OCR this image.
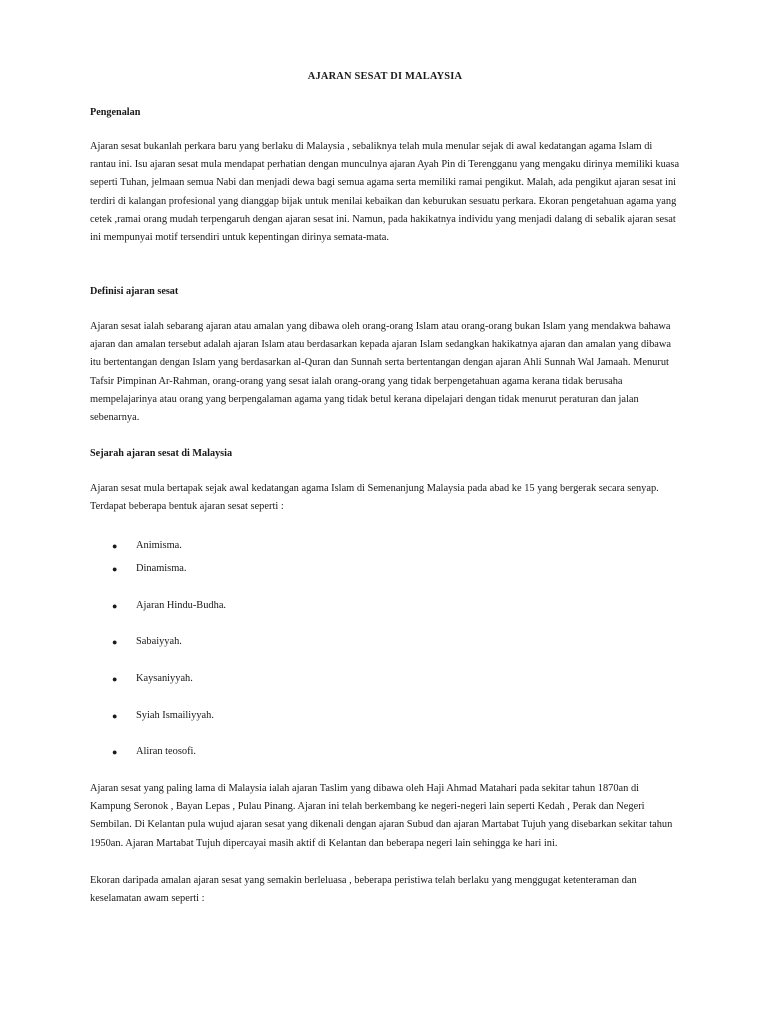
AJARAN SESAT DI MALAYSIA
Pengenalan

Ajaran sesat bukanlah perkara baru yang berlaku di Malaysia , sebaliknya telah mula menular sejak di awal kedatangan agama Islam di rantau ini. Isu ajaran sesat mula mendapat perhatian dengan munculnya ajaran Ayah Pin di Terengganu yang mengaku dirinya memiliki kuasa seperti Tuhan, jelmaan semua Nabi dan menjadi dewa bagi semua agama serta memiliki ramai pengikut. Malah, ada pengikut ajaran sesat ini terdiri di kalangan profesional yang dianggap bijak untuk menilai kebaikan dan keburukan sesuatu perkara. Ekoran pengetahuan agama yang cetek ,ramai orang mudah terpengaruh dengan ajaran sesat ini. Namun, pada hakikatnya individu yang menjadi dalang di sebalik ajaran sesat ini mempunyai motif tersendiri untuk kepentingan dirinya semata-mata.

Definisi ajaran sesat

Ajaran sesat ialah sebarang ajaran atau amalan yang dibawa oleh orang-orang Islam atau orang-orang bukan Islam yang mendakwa bahawa ajaran dan amalan tersebut adalah ajaran Islam atau berdasarkan kepada ajaran Islam sedangkan hakikatnya ajaran dan amalan yang dibawa itu bertentangan dengan Islam yang berdasarkan al-Quran dan Sunnah serta bertentangan dengan ajaran Ahli Sunnah Wal Jamaah. Menurut Tafsir Pimpinan Ar-Rahman, orang-orang yang sesat ialah orang-orang yang tidak berpengetahuan agama kerana tidak berusaha mempelajarinya atau orang yang berpengalaman agama yang tidak betul kerana dipelajari dengan tidak menurut peraturan dan jalan sebenarnya.

Sejarah ajaran sesat di Malaysia

Ajaran sesat mula bertapak sejak awal kedatangan agama Islam di Semenanjung Malaysia pada abad ke 15 yang bergerak secara senyap. Terdapat beberapa bentuk ajaran sesat seperti :

● Animisma.
● Dinamisma.
● Ajaran Hindu-Budha.
● Sabaiyyah.
● Kaysaniyyah.
● Syiah Ismailiyyah.
● Aliran teosofi.

Ajaran sesat yang paling lama di Malaysia ialah ajaran Taslim yang dibawa oleh Haji Ahmad Matahari pada sekitar tahun 1870an di Kampung Seronok , Bayan Lepas , Pulau Pinang. Ajaran ini telah berkembang ke negeri-negeri lain seperti Kedah , Perak dan Negeri Sembilan. Di Kelantan pula wujud ajaran sesat yang dikenali dengan ajaran Subud dan ajaran Martabat Tujuh yang disebarkan sekitar tahun 1950an. Ajaran Martabat Tujuh dipercayai masih aktif di Kelantan dan beberapa negeri lain sehingga ke hari ini.

Ekoran daripada amalan ajaran sesat yang semakin berleluasa , beberapa peristiwa telah berlaku yang menggugat ketenteraman dan keselamatan awam seperti :
